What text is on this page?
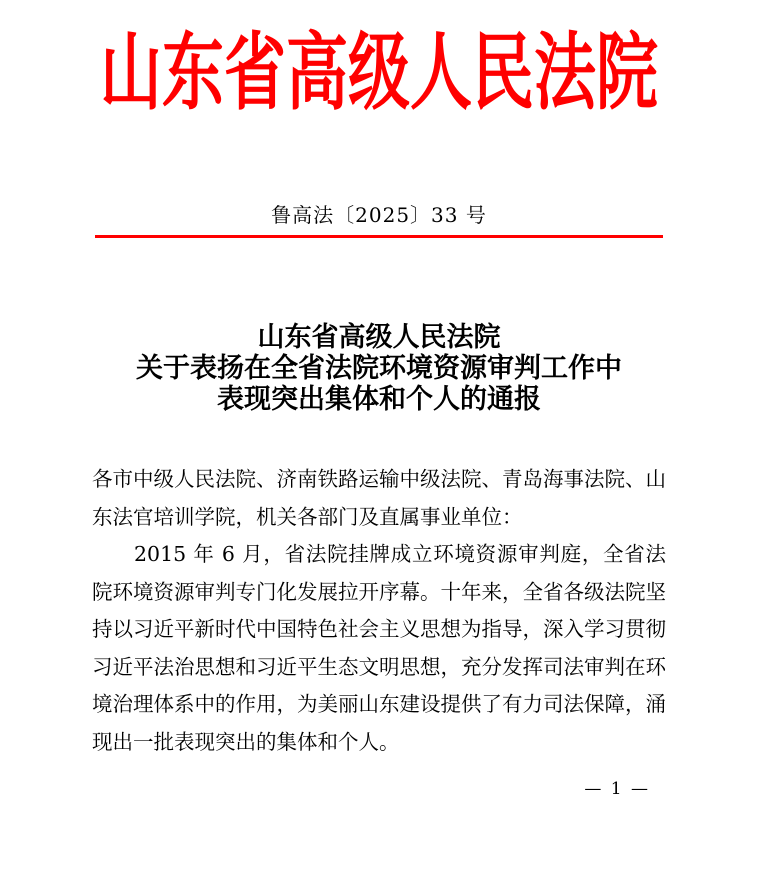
山东省高级人民法院
鲁高法〔2025〕33 号
山东省高级人民法院
关于表扬在全省法院环境资源审判工作中
表现突出集体和个人的通报

各市中级人民法院、济南铁路运输中级法院、青岛海事法院、山东法官培训学院，机关各部门及直属事业单位：

2015 年 6 月，省法院挂牌成立环境资源审判庭，全省法院环境资源审判专门化发展拉开序幕。十年来，全省各级法院坚持以习近平新时代中国特色社会主义思想为指导，深入学习贯彻习近平法治思想和习近平生态文明思想，充分发挥司法审判在环境治理体系中的作用，为美丽山东建设提供了有力司法保障，涌现出一批表现突出的集体和个人。

— 1 —
